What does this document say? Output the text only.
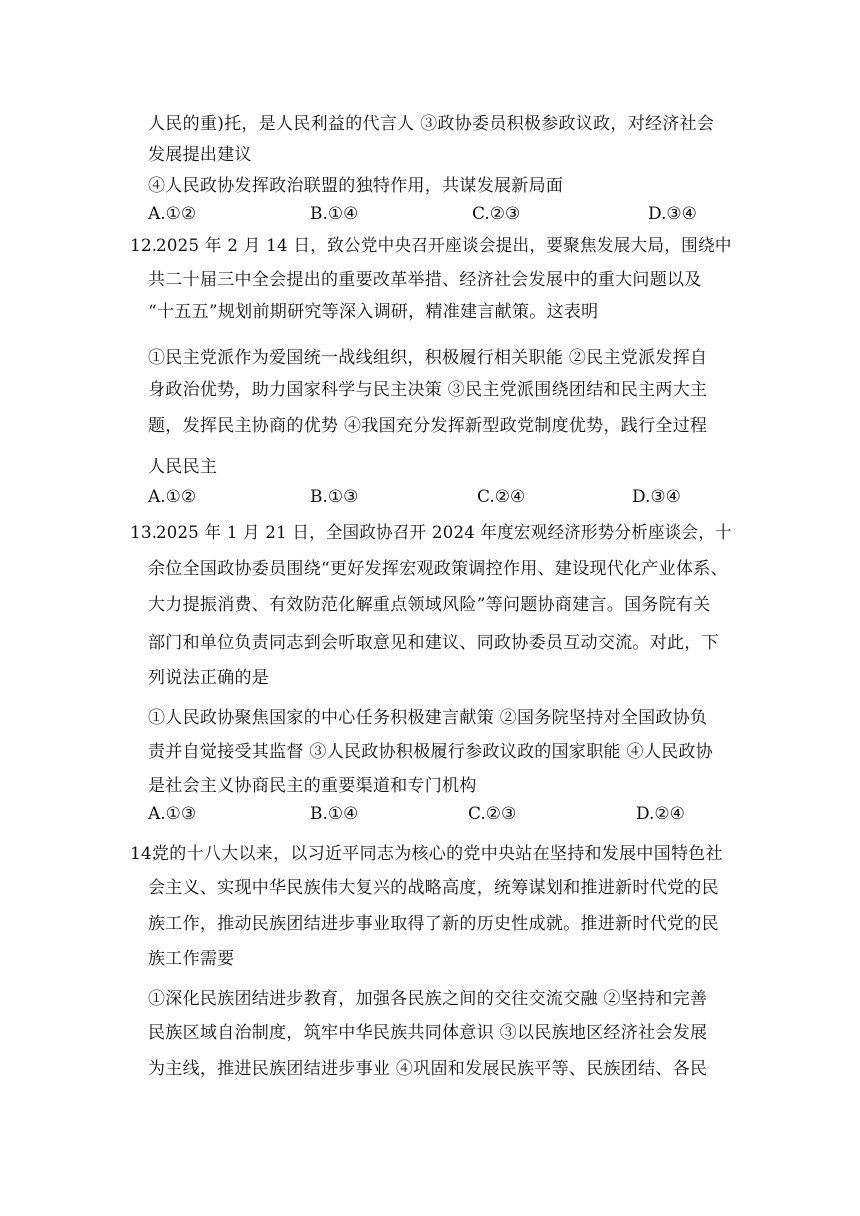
人民的重)托，是人民利益的代言人 ③政协委员积极参政议政，对经济社会
发展提出建议
④人民政协发挥政治联盟的独特作用，共谋发展新局面
A.①②	B.①④	C.②③	D.③④
12.
2025 年 2 月 14 日，致公党中央召开座谈会提出，要聚焦发展大局，围绕中
共二十届三中全会提出的重要改革举措、经济社会发展中的重大问题以及
“十五五”规划前期研究等深入调研，精准建言献策。这表明
①民主党派作为爱国统一战线组织，积极履行相关职能 ②民主党派发挥自
身政治优势，助力国家科学与民主决策 ③民主党派围绕团结和民主两大主
题，发挥民主协商的优势 ④我国充分发挥新型政党制度优势，践行全过程
人民民主
A.①②	B.①③	C.②④	D.③④
13.
2025 年 1 月 21 日，全国政协召开 2024 年度宏观经济形势分析座谈会，十
余位全国政协委员围绕“更好发挥宏观政策调控作用、建设现代化产业体系、
大力提振消费、有效防范化解重点领域风险”等问题协商建言。国务院有关
部门和单位负责同志到会听取意见和建议、同政协委员互动交流。对此，下
列说法正确的是
①人民政协聚焦国家的中心任务积极建言献策 ②国务院坚持对全国政协负
责并自觉接受其监督 ③人民政协积极履行参政议政的国家职能 ④人民政协
是社会主义协商民主的重要渠道和专门机构
A.①③	B.①④	C.②③	D.②④
14.
党的十八大以来，以习近平同志为核心的党中央站在坚持和发展中国特色社
会主义、实现中华民族伟大复兴的战略高度，统筹谋划和推进新时代党的民
族工作，推动民族团结进步事业取得了新的历史性成就。推进新时代党的民
族工作需要
①深化民族团结进步教育，加强各民族之间的交往交流交融 ②坚持和完善
民族区域自治制度，筑牢中华民族共同体意识 ③以民族地区经济社会发展
为主线，推进民族团结进步事业 ④巩固和发展民族平等、民族团结、各民
